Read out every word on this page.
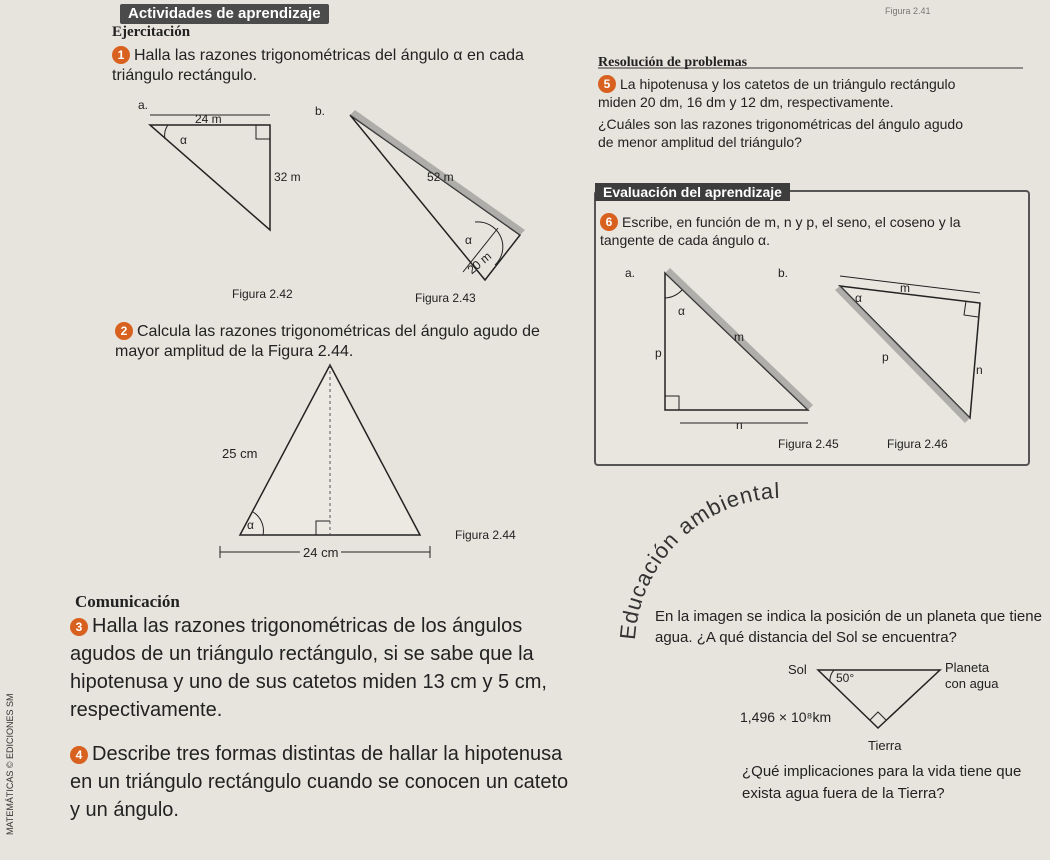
Actividades de aprendizaje	Figura 2.41
Ejercitación
1 Halla las razones trigonométricas del ángulo α en cada triángulo rectángulo.
a.
24 m
α
32 m
Figura 2.42
b.
52 m
α
20 m
Figura 2.43
2 Calcula las razones trigonométricas del ángulo agudo de mayor amplitud de la Figura 2.44.
25 cm
α
24 cm
Figura 2.44
Comunicación
3 Halla las razones trigonométricas de los ángulos agudos de un triángulo rectángulo, si se sabe que la hipotenusa y uno de sus catetos miden 13 cm y 5 cm, respectivamente.
4 Describe tres formas distintas de hallar la hipotenusa en un triángulo rectángulo cuando se conocen un cateto y un ángulo.
Resolución de problemas
5 La hipotenusa y los catetos de un triángulo rectángulo miden 20 dm, 16 dm y 12 dm, respectivamente.
¿Cuáles son las razones trigonométricas del ángulo agudo de menor amplitud del triángulo?
Evaluación del aprendizaje
6 Escribe, en función de m, n y p, el seno, el coseno y la tangente de cada ángulo α.
a.
α
m
p
n
Figura 2.45
b.
α
m
p
n
Figura 2.46
Educación ambiental
En la imagen se indica la posición de un planeta que tiene agua. ¿A qué distancia del Sol se encuentra?
Sol
50°
Planeta
con agua
1,496 × 10⁸km
Tierra
¿Qué implicaciones para la vida tiene que exista agua fuera de la Tierra?
MATEMÁTICAS © EDICIONES SM
